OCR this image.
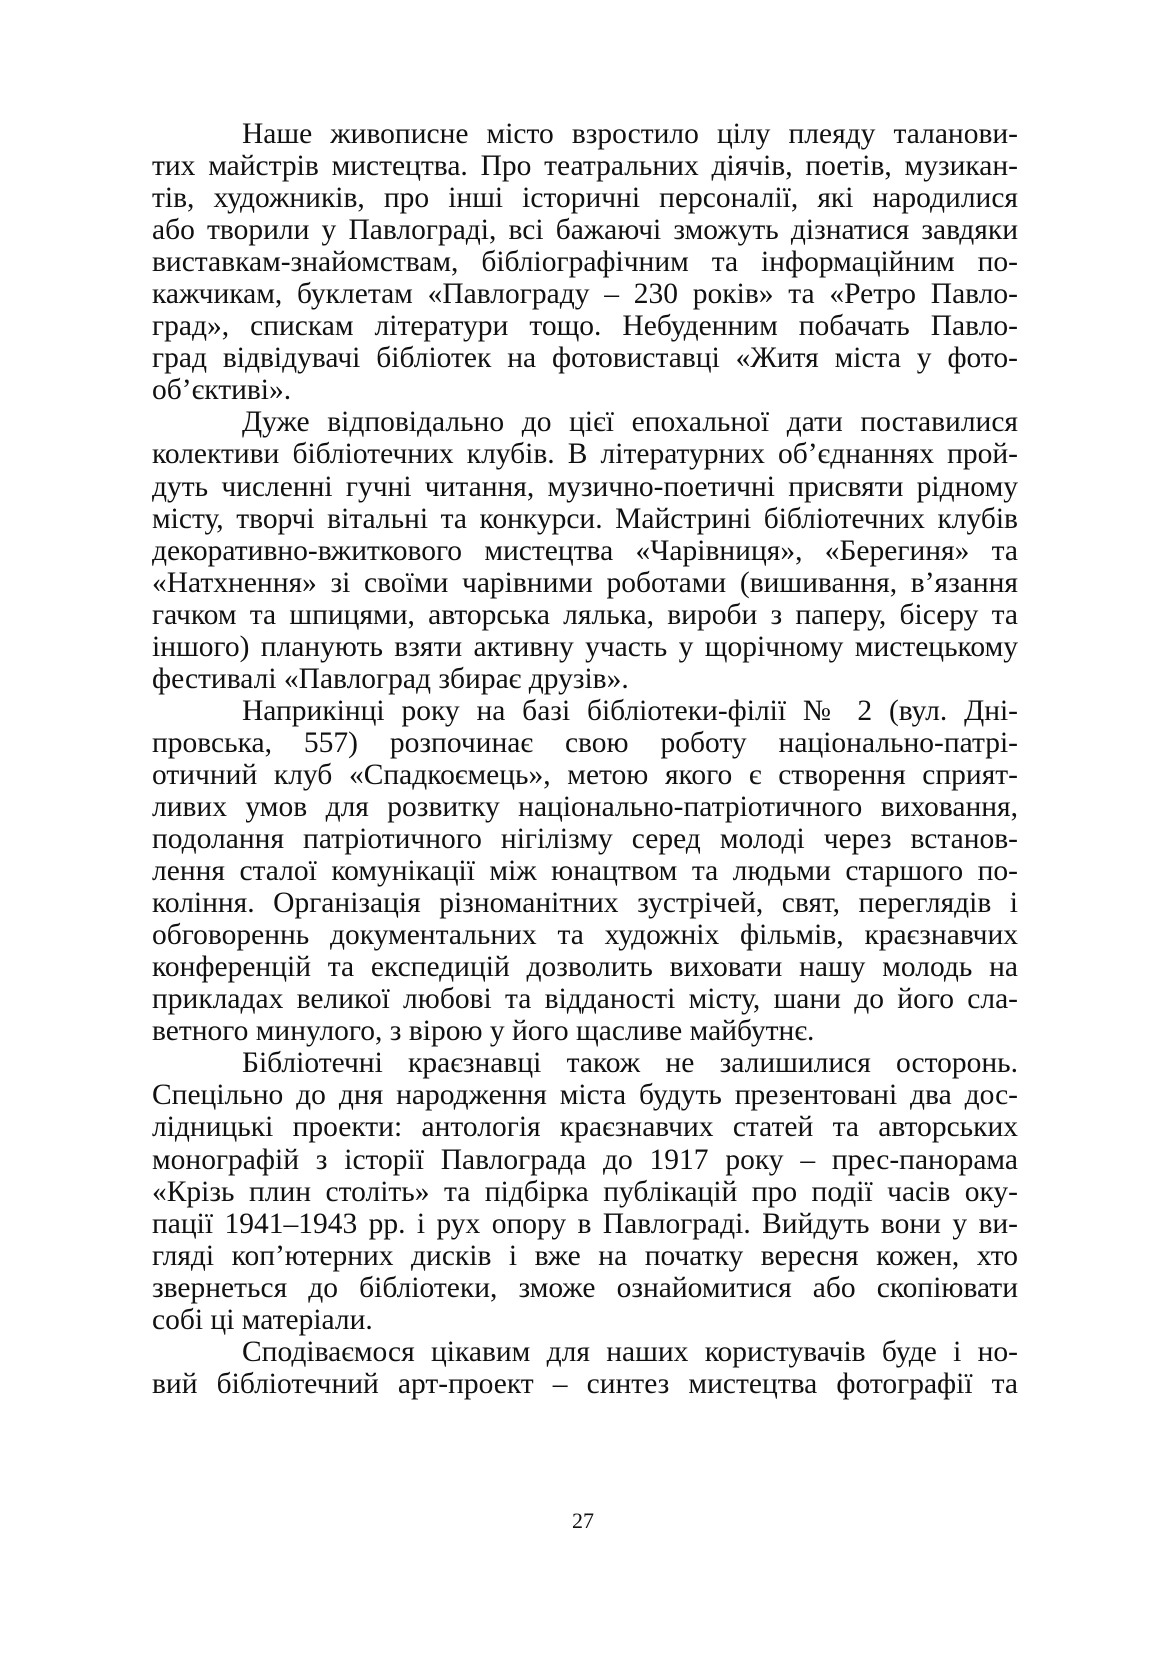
Наше живописне місто взростило цілу плеяду таланови-
тих майстрів мистецтва. Про театральних діячів, поетів, музикан-
тів, художників, про інші історичні персоналії, які народилися
або творили у Павлограді, всі бажаючі зможуть дізнатися завдяки
виставкам-знайомствам, бібліографічним та інформаційним по-
кажчикам, буклетам «Павлограду – 230 років» та «Ретро Павло-
град», спискам літератури тощо. Небуденним побачать Павло-
град відвідувачі бібліотек на фотовиставці «Житя міста у фото-
об’єктиві».
Дуже відповідально до цієї епохальної дати поставилися
колективи бібліотечних клубів. В літературних об’єднаннях прой-
дуть численні гучні читання, музично-поетичні присвяти рідному
місту, творчі вітальні та конкурси. Майстрині бібліотечних клубів
декоративно-вжиткового мистецтва «Чарівниця», «Берегиня» та
«Натхнення» зі своїми чарівними роботами (вишивання, в’язання
гачком та шпицями, авторська лялька, вироби з паперу, бісеру та
іншого) планують взяти активну участь у щорічному мистецькому
фестивалі «Павлоград збирає друзів».
Наприкінці року на базі бібліотеки-філії № 2 (вул. Дні-
провська, 557) розпочинає свою роботу національно-патрі-
отичний клуб «Спадкоємець», метою якого є створення сприят-
ливих умов для розвитку національно-патріотичного виховання,
подолання патріотичного нігілізму серед молоді через встанов-
лення сталої комунікації між юнацтвом та людьми старшого по-
коління. Організація різноманітних зустрічей, свят, переглядів і
обговореннь документальних та художніх фільмів, краєзнавчих
конференцій та експедицій дозволить виховати нашу молодь на
прикладах великої любові та відданості місту, шани до його сла-
ветного минулого, з вірою у його щасливе майбутнє.
Бібліотечні краєзнавці також не залишилися осторонь.
Спецільно до дня народження міста будуть презентовані два дос-
лідницькі проекти: антологія краєзнавчих статей та авторських
монографій з історії Павлограда до 1917 року – прес-панорама
«Крізь плин століть» та підбірка публікацій про події часів оку-
пації 1941–1943 рр. і рух опору в Павлограді. Вийдуть вони у ви-
гляді коп’ютерних дисків і вже на початку вересня кожен, хто
звернеться до бібліотеки, зможе ознайомитися або скопіювати
собі ці матеріали.
Сподіваємося цікавим для наших користувачів буде і но-
вий бібліотечний арт-проект – синтез мистецтва фотографії та
27
